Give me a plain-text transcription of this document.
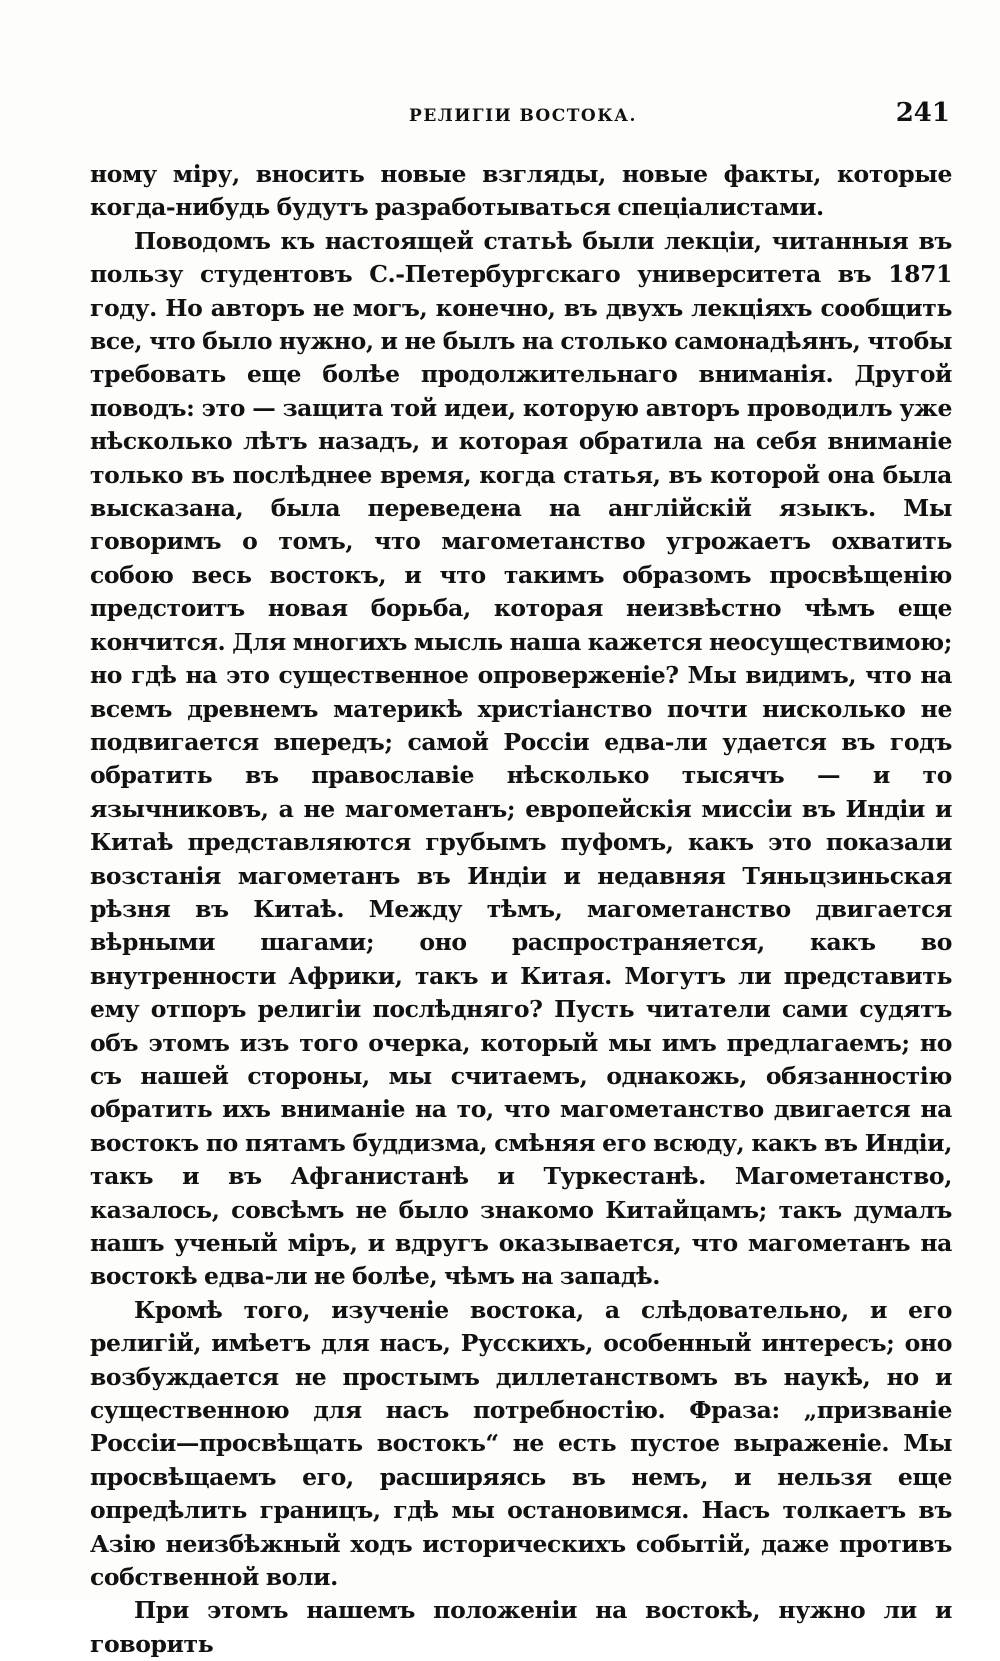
РЕЛИГІИ ВОСТОКА.	241

ному міру, вносить новые взгляды, новые факты, которые когда-нибудь будутъ разработываться спеціалистами.

Поводомъ къ настоящей статьѣ были лекціи, читанныя въ пользу студентовъ С.-Петербургскаго университета въ 1871 году. Но авторъ не могъ, конечно, въ двухъ лекціяхъ сообщить все, что было нужно, и не былъ на столько самонадѣянъ, чтобы требовать еще болѣе продолжительнаго вниманія. Другой поводъ: это — защита той идеи, которую авторъ проводилъ уже нѣсколько лѣтъ назадъ, и которая обратила на себя вниманіе только въ послѣднее время, когда статья, въ которой она была высказана, была переведена на англійскій языкъ. Мы говоримъ о томъ, что магометанство угрожаетъ охватить собою весь востокъ, и что такимъ образомъ просвѣщенію предстоитъ новая борьба, которая неизвѣстно чѣмъ еще кончится. Для многихъ мысль наша кажется неосуществимою; но гдѣ на это существенное опроверженіе? Мы видимъ, что на всемъ древнемъ материкѣ христіанство почти нисколько не подвигается впередъ; самой Россіи едва-ли удается въ годъ обратить въ православіе нѣсколько тысячъ — и то язычниковъ, а не магометанъ; европейскія миссіи въ Индіи и Китаѣ представляются грубымъ пуфомъ, какъ это показали возстанія магометанъ въ Индіи и недавняя Тяньцзиньская рѣзня въ Китаѣ. Между тѣмъ, магометанство двигается вѣрными шагами; оно распространяется, какъ во внутренности Африки, такъ и Китая. Могутъ ли представить ему отпоръ религіи послѣдняго? Пусть читатели сами судятъ объ этомъ изъ того очерка, который мы имъ предлагаемъ; но съ нашей стороны, мы считаемъ, однакожь, обязанностію обратить ихъ вниманіе на то, что магометанство двигается на востокъ по пятамъ буддизма, смѣняя его всюду, какъ въ Индіи, такъ и въ Афганистанѣ и Туркестанѣ. Магометанство, казалось, совсѣмъ не было знакомо Китайцамъ; такъ думалъ нашъ ученый міръ, и вдругъ оказывается, что магометанъ на востокѣ едва-ли не болѣе, чѣмъ на западѣ.

Кромѣ того, изученіе востока, а слѣдовательно, и его религій, имѣетъ для насъ, Русскихъ, особенный интересъ; оно возбуждается не простымъ диллетанствомъ въ наукѣ, но и существенною для насъ потребностію. Фраза: „призваніе Россіи—просвѣщать востокъ“ не есть пустое выраженіе. Мы просвѣщаемъ его, расширяясь въ немъ, и нельзя еще опредѣлить границъ, гдѣ мы остановимся. Насъ толкаетъ въ Азію неизбѣжный ходъ историческихъ событій, даже противъ собственной воли.

При этомъ нашемъ положеніи на востокѣ, нужно ли и говорить
